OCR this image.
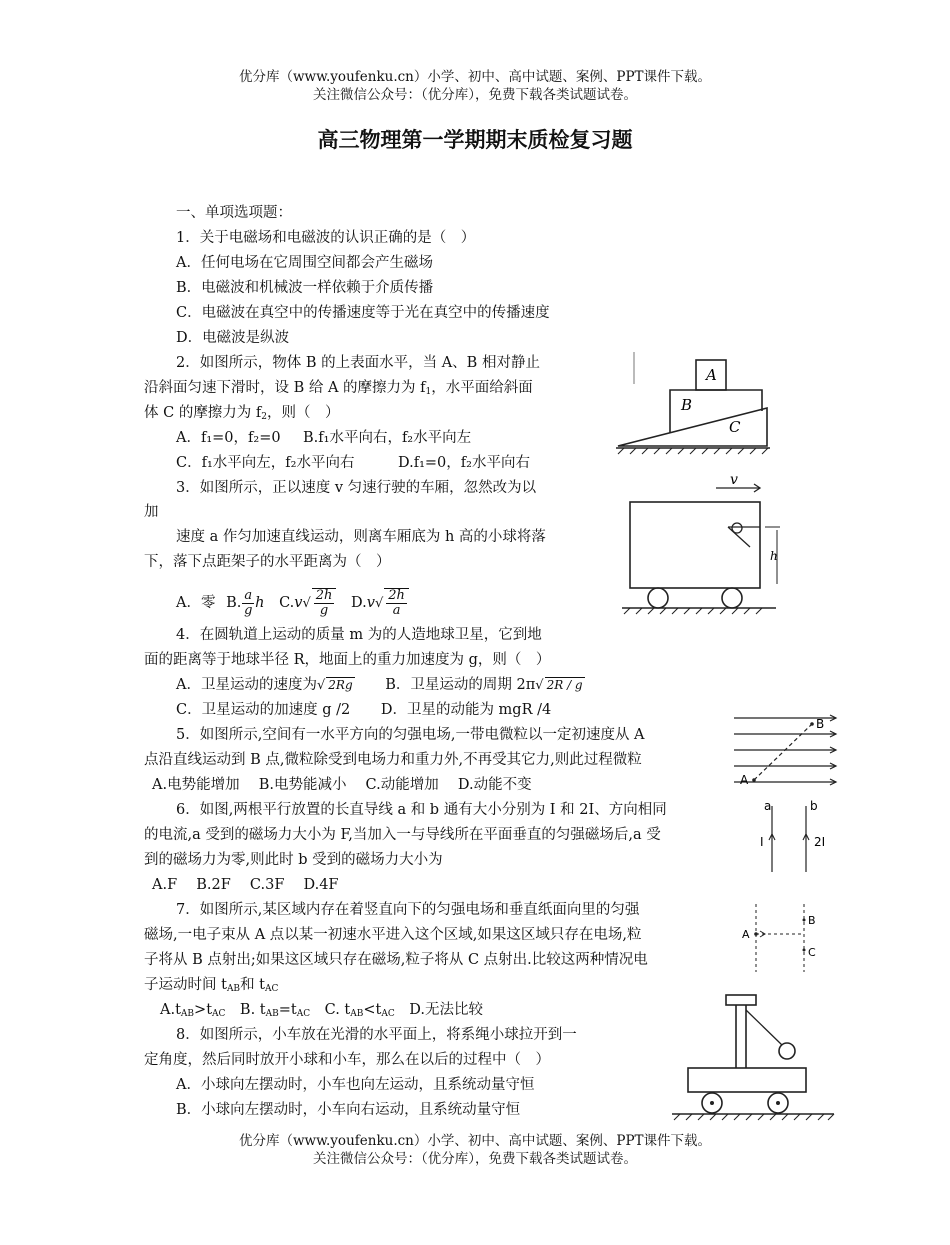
优分库（www.youfenku.cn）小学、初中、高中试题、案例、PPT课件下载。
关注微信公众号：（优分库），免费下载各类试题试卷。
高三物理第一学期期末质检复习题
一、单项选项题：
1．关于电磁场和电磁波的认识正确的是（　）
A．任何电场在它周围空间都会产生磁场
B．电磁波和机械波一样依赖于介质传播
C．电磁波在真空中的传播速度等于光在真空中的传播速度
D．电磁波是纵波
2．如图所示，物体 B 的上表面水平，当 A、B 相对静止
沿斜面匀速下滑时，设 B 给 A 的摩擦力为 $f_1$，水平面给斜面
体 C 的摩擦力为 $f_2$，则（　）
A．f₁=0，f₂=0 B.f₁水平向右，f₂水平向左
C．f₁水平向左，f₂水平向右	D.f₁=0，f₂水平向右
A
B
C
3．如图所示，正以速度 v 匀速行驶的车厢，忽然改为以
加
速度 a 作匀加速直线运动，则离车厢底为 h 高的小球将落
下，落下点距架子的水平距离为（　）
A．零 B. $\frac{a}{g}$ h $C.v√ \frac{2h}{g} D.v√ \frac{2h}{a}$
v
h
4．在圆轨道上运动的质量 m 为的人造地球卫星，它到地
面的距离等于地球半径 R，地面上的重力加速度为 g，则（　）
A．卫星运动的速度为√ 2Rg B．卫星运动的周期 2π√ 2R / g
C．卫星运动的加速度 g /2 D．卫星的动能为 mgR /4
5．如图所示,空间有一水平方向的匀强电场,一带电微粒以一定初速度从 A
点沿直线运动到 B 点,微粒除受到电场力和重力外,不再受其它力,则此过程微粒
A.电势能增加　 B.电势能减小　 C.动能增加　 D.动能不变	A
B
6．如图,两根平行放置的长直导线 a 和 b 通有大小分别为 I 和 2I、方向相同
的电流,a 受到的磁场力大小为 F,当加入一与导线所在平面垂直的匀强磁场后,a 受
到的磁场力为零,则此时 b 受到的磁场力大小为
A.F　 B.2F　 C.3F　 D.4F
a	b
I	2I
7．如图所示,某区域内存在着竖直向下的匀强电场和垂直纸面向里的匀强
磁场,一电子束从 A 点以某一初速水平进入这个区域,如果这区域只存在电场,粒
子将从 B 点射出;如果这区域只存在磁场,粒子将从 C 点射出.比较这两种情况电
子运动时间 $t_{AB}$和 $t_{AC}$
$A.t_{AB}>t_{AC}$　B. $t_{AB}=t_{AC}$　C. $t_{AB}<t_{AC}$　D.无法比较
A
B
C
8．如图所示，小车放在光滑的水平面上，将系绳小球拉开到一
定角度，然后同时放开小球和小车，那么在以后的过程中（　）
A．小球向左摆动时，小车也向左运动，且系统动量守恒
B．小球向左摆动时，小车向右运动，且系统动量守恒
优分库（www.youfenku.cn）小学、初中、高中试题、案例、PPT课件下载。
关注微信公众号：（优分库），免费下载各类试题试卷。
